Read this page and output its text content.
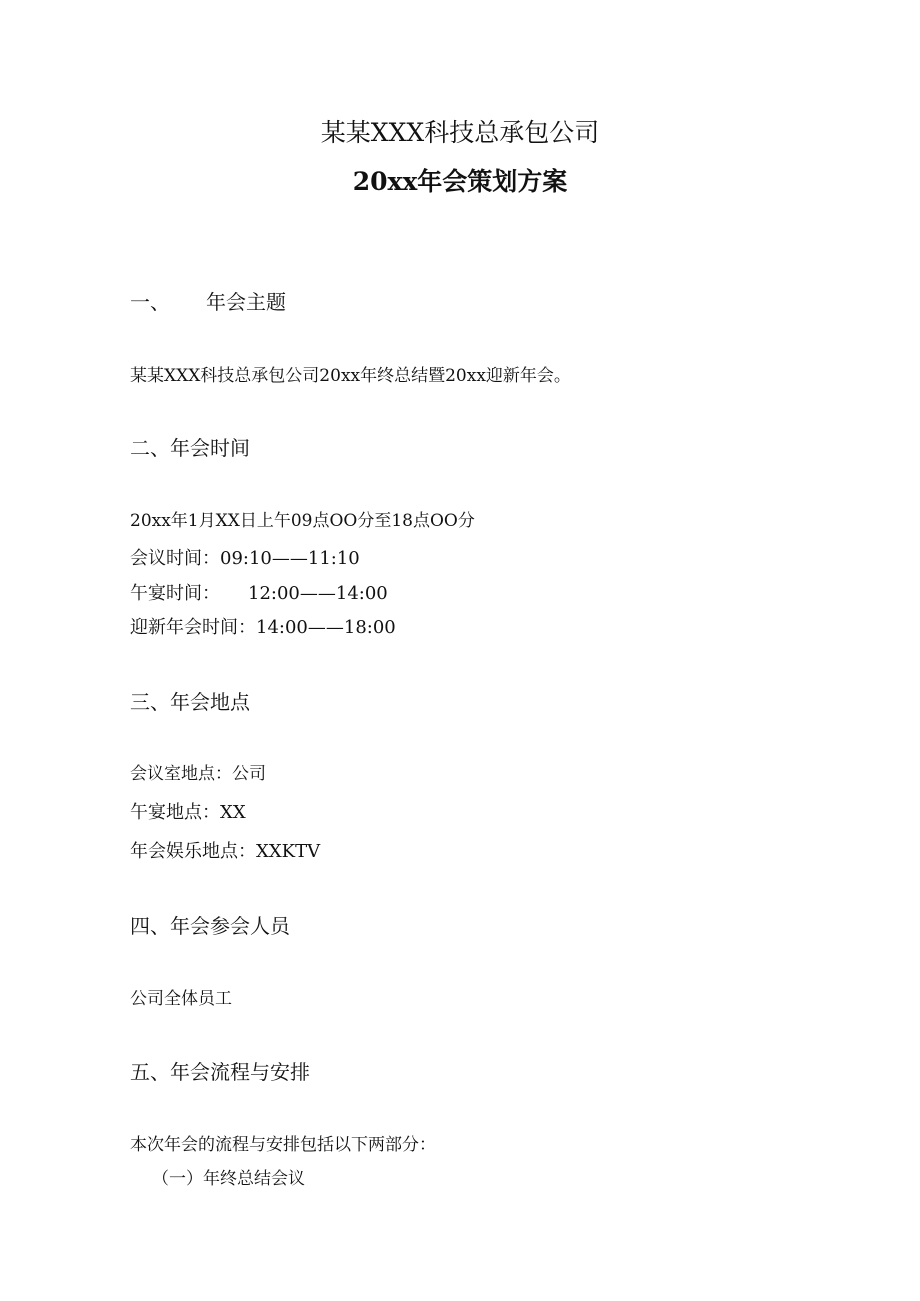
某某XXX科技总承包公司
20xx年会策划方案
一、 年会主题
某某XXX科技总承包公司20xx年终总结暨20xx迎新年会。
二、年会时间
20xx年1月XX日上午09点OO分至18点OO分
会议时间：09:10——11:10
午宴时间： 12:00——14:00
迎新年会时间：14:00——18:00
三、年会地点
会议室地点：公司
午宴地点：XX
年会娱乐地点：XXKTV
四、年会参会人员
公司全体员工
五、年会流程与安排
本次年会的流程与安排包括以下两部分：
（一）年终总结会议
